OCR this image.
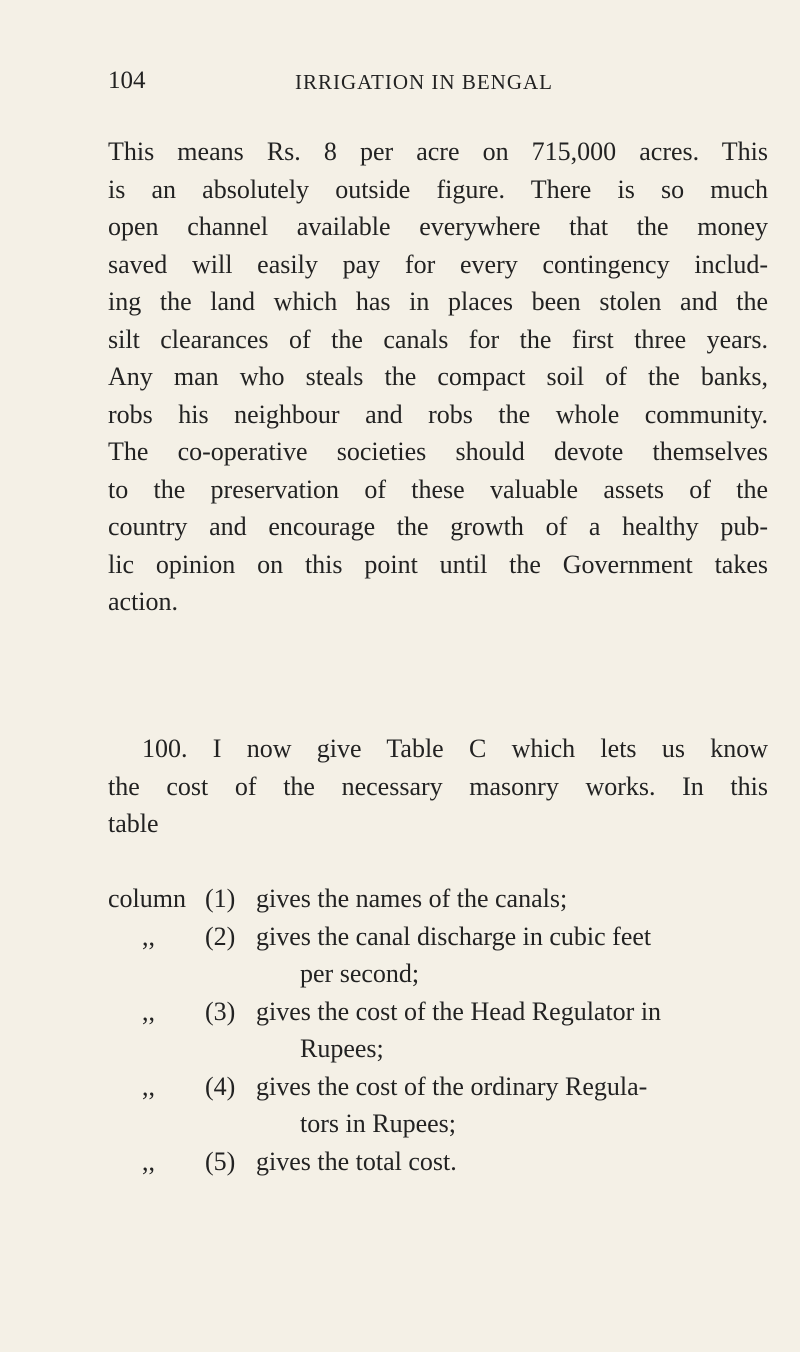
104	IRRIGATION IN BENGAL
This means Rs. 8 per acre on 715,000 acres. This
is an absolutely outside figure. There is so much
open channel available everywhere that the money
saved will easily pay for every contingency includ-
ing the land which has in places been stolen and the
silt clearances of the canals for the first three years.
Any man who steals the compact soil of the banks,
robs his neighbour and robs the whole community.
The co-operative societies should devote themselves
to the preservation of these valuable assets of the
country and encourage the growth of a healthy pub-
lic opinion on this point until the Government takes
action.
100. I now give Table C which lets us know
the cost of the necessary masonry works. In this
table
column (1) gives the names of the canals;
,,	(2) gives the canal discharge in cubic feet
per second;
,,	(3) gives the cost of the Head Regulator in
Rupees;
,,	(4) gives the cost of the ordinary Regula-
tors in Rupees;
,,	(5) gives the total cost.
